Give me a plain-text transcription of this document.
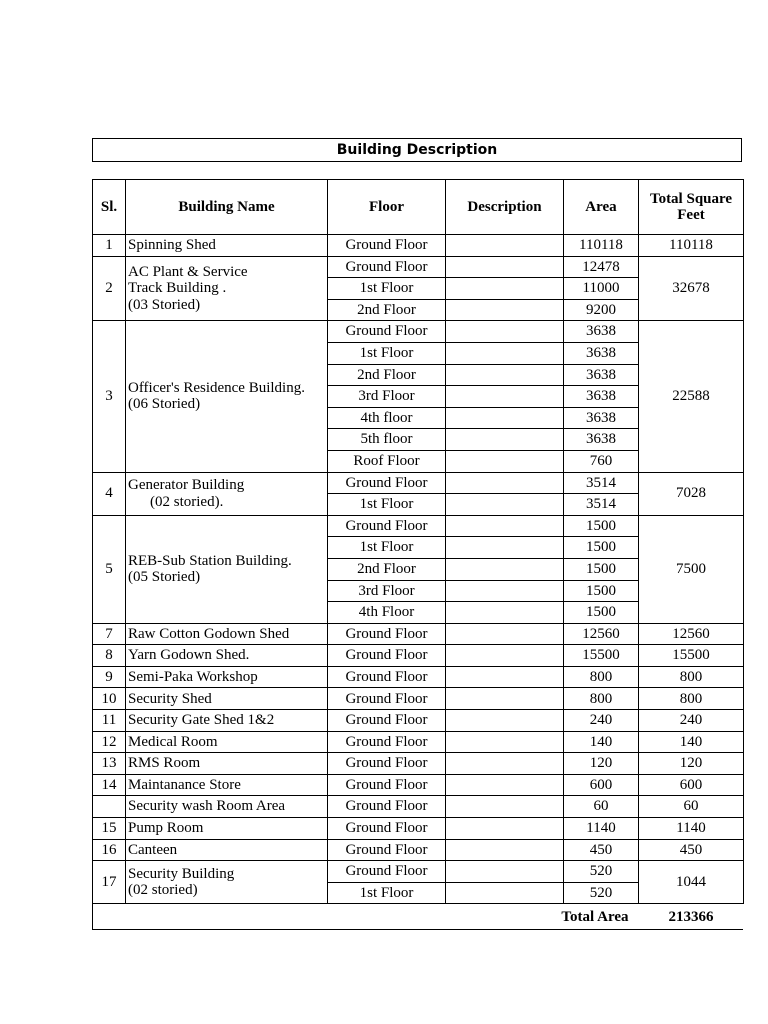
Building Description
Sl.	Building Name	Floor	Description	Area	Total Square Feet
1	Spinning Shed	Ground Floor		110118	110118
2	AC Plant & Service
Track Building .
(03 Storied)	Ground Floor		12478	32678
		1st Floor		11000	
		2nd Floor		9200	
3	Officer's Residence Building.
(06 Storied)	Ground Floor		3638	22588
		1st Floor		3638	
		2nd Floor		3638	
		3rd Floor		3638	
		4th floor		3638	
		5th floor		3638	
		Roof Floor		760	
4	Generator Building
(02 storied).	Ground Floor		3514	7028
		1st Floor		3514	
5	REB-Sub Station Building.
(05 Storied)	Ground Floor		1500	7500
		1st Floor		1500	
		2nd Floor		1500	
		3rd Floor		1500	
		4th Floor		1500	
7	Raw Cotton Godown Shed	Ground Floor		12560	12560
8	Yarn Godown Shed.	Ground Floor		15500	15500
9	Semi-Paka Workshop	Ground Floor		800	800
10	Security Shed	Ground Floor		800	800
11	Security Gate Shed 1&2	Ground Floor		240	240
12	Medical Room	Ground Floor		140	140
13	RMS Room	Ground Floor		120	120
14	Maintanance Store	Ground Floor		600	600

	Security wash Room Area	Ground Floor		60	60
15	Pump Room	Ground Floor		1140	1140
16	Canteen	Ground Floor		450	450
17	Security Building
(02 storied)	Ground Floor		520	1044
		1st Floor		520	
Total Area					213366
